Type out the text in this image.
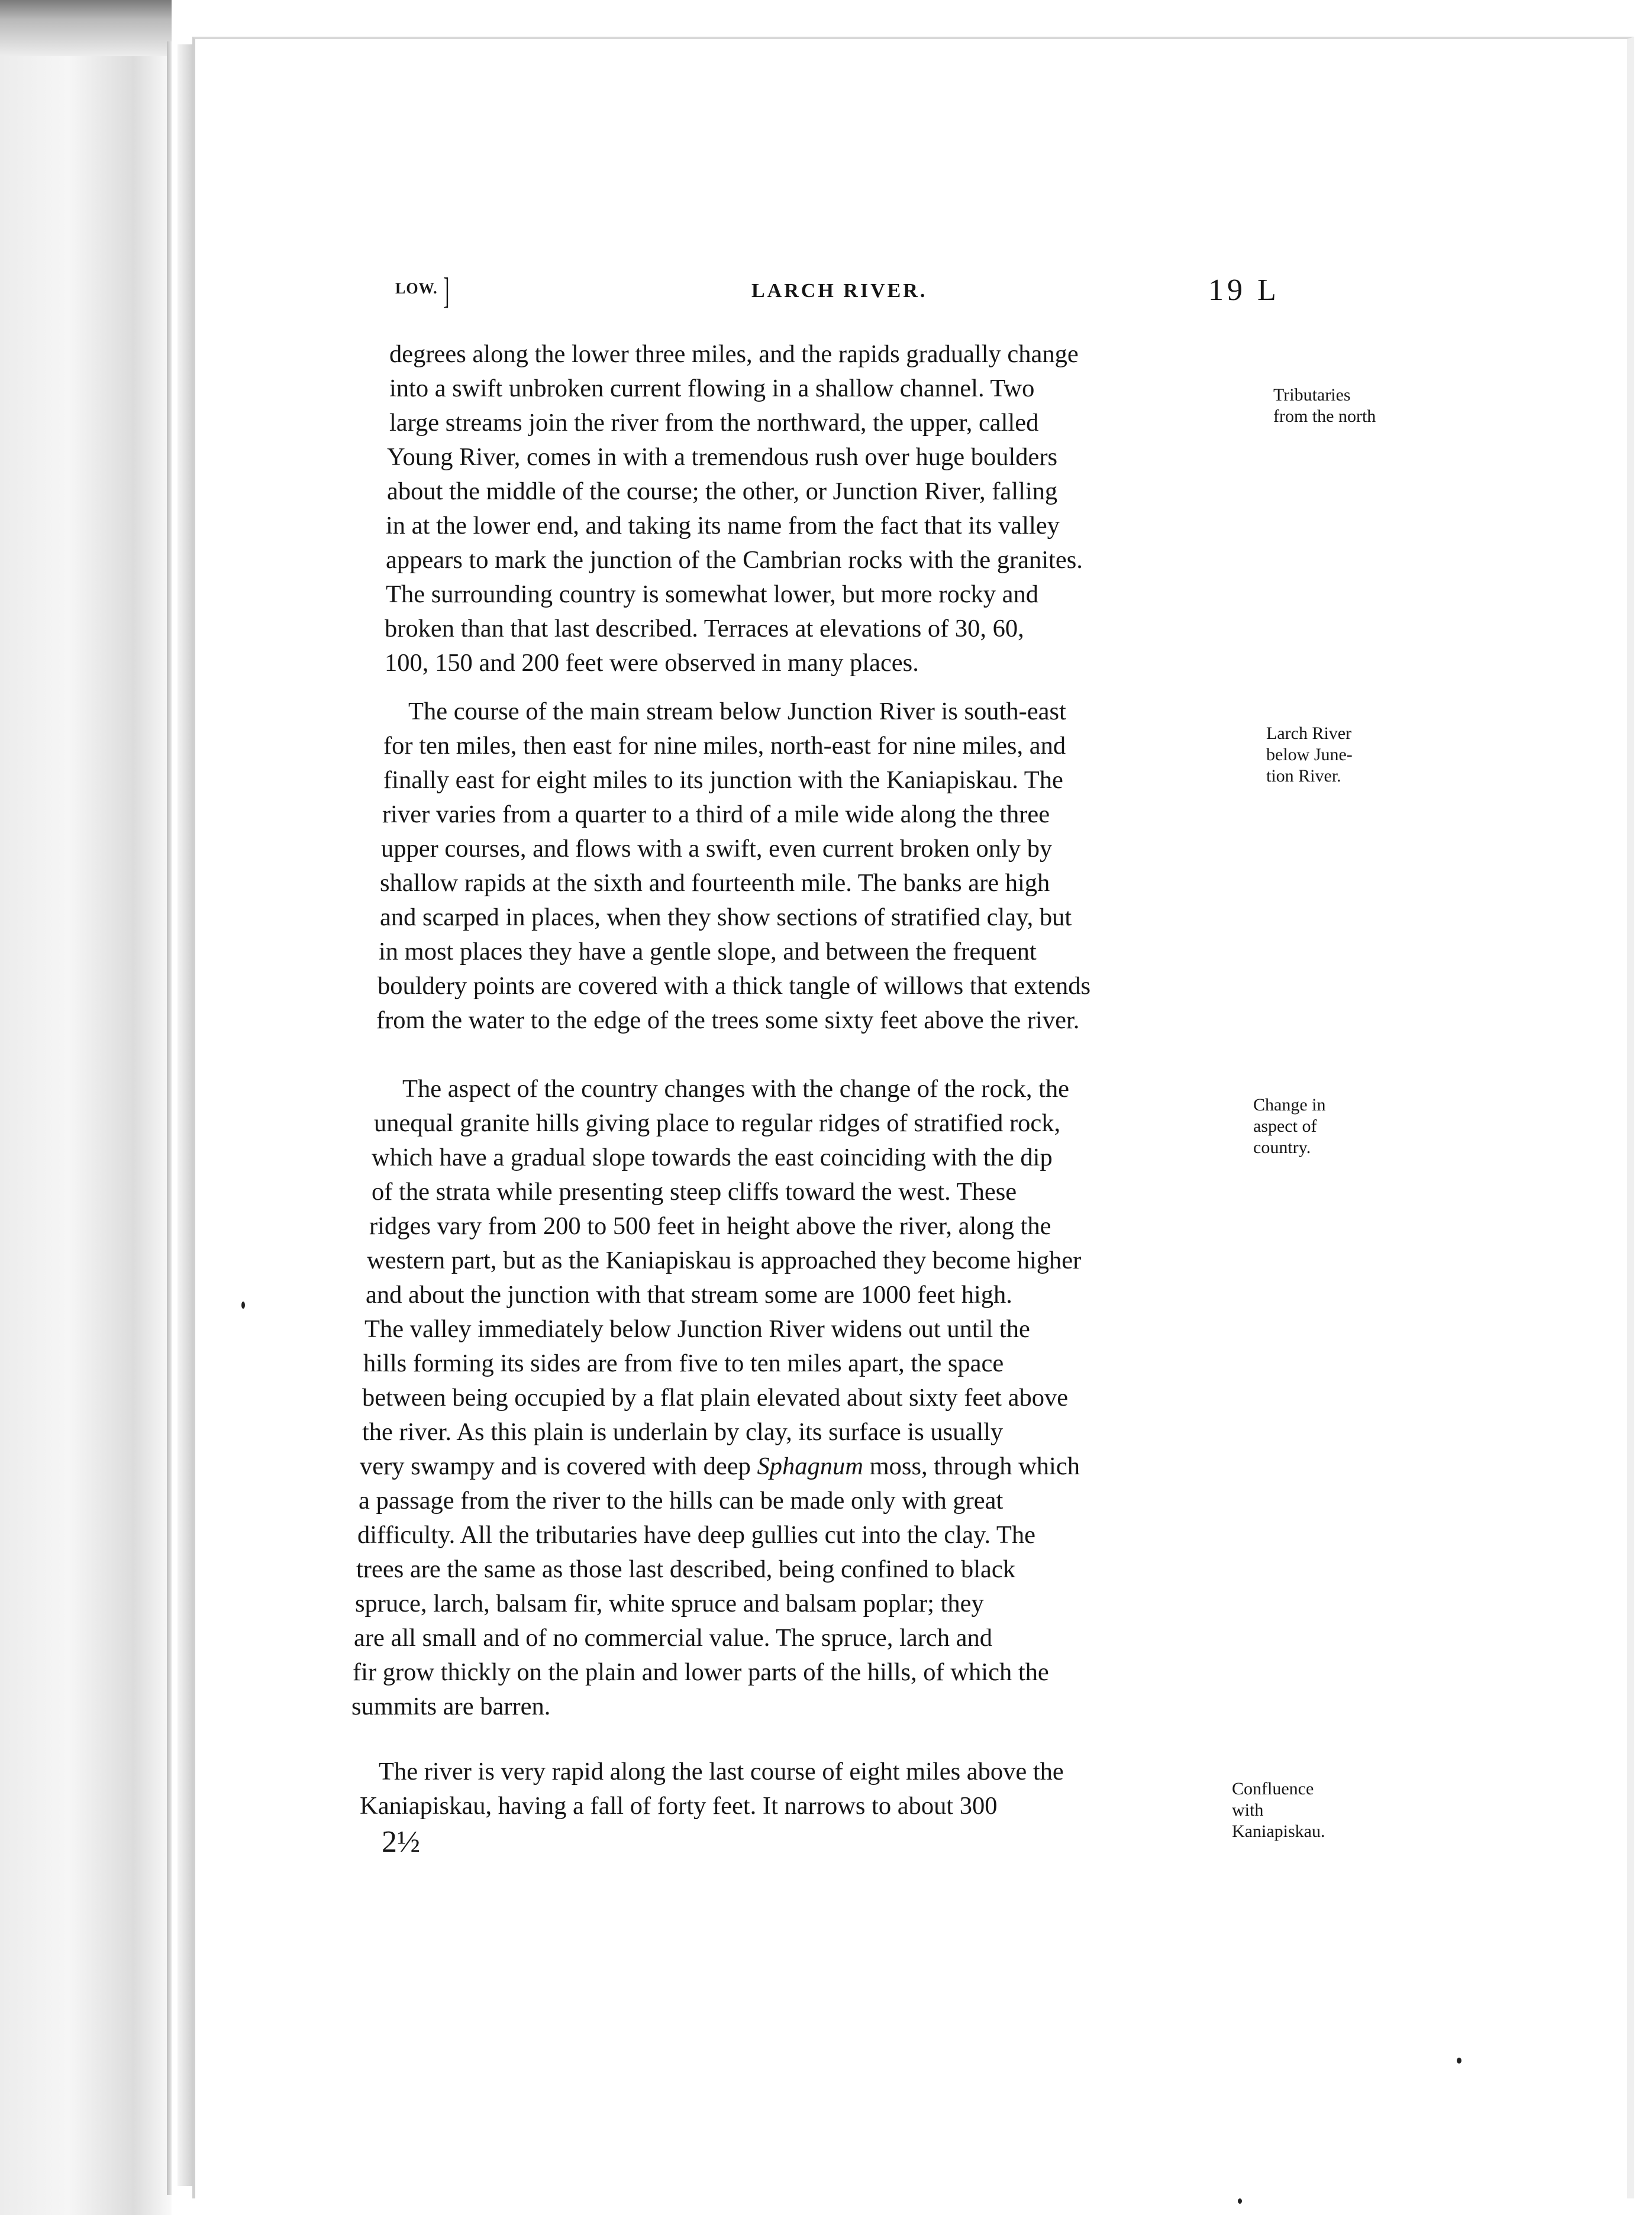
LOW. ]	LARCH RIVER.	19 L
degrees along the lower three miles, and the rapids gradually change
into a swift unbroken current flowing in a shallow channel. Two
large streams join the river from the northward, the upper, called
Young River, comes in with a tremendous rush over huge boulders
about the middle of the course; the other, or Junction River, falling
in at the lower end, and taking its name from the fact that its valley
appears to mark the junction of the Cambrian rocks with the granites.
The surrounding country is somewhat lower, but more rocky and
broken than that last described. Terraces at elevations of 30, 60,
100, 150 and 200 feet were observed in many places.
The course of the main stream below Junction River is south-east
for ten miles, then east for nine miles, north-east for nine miles, and
finally east for eight miles to its junction with the Kaniapiskau. The
river varies from a quarter to a third of a mile wide along the three
upper courses, and flows with a swift, even current broken only by
shallow rapids at the sixth and fourteenth mile. The banks are high
and scarped in places, when they show sections of stratified clay, but
in most places they have a gentle slope, and between the frequent
bouldery points are covered with a thick tangle of willows that extends
from the water to the edge of the trees some sixty feet above the river.
The aspect of the country changes with the change of the rock, the
unequal granite hills giving place to regular ridges of stratified rock,
which have a gradual slope towards the east coinciding with the dip
of the strata while presenting steep cliffs toward the west. These
ridges vary from 200 to 500 feet in height above the river, along the
western part, but as the Kaniapiskau is approached they become higher
and about the junction with that stream some are 1000 feet high.
The valley immediately below Junction River widens out until the
hills forming its sides are from five to ten miles apart, the space
between being occupied by a flat plain elevated about sixty feet above
the river. As this plain is underlain by clay, its surface is usually
very swampy and is covered with deep Sphagnum moss, through which
a passage from the river to the hills can be made only with great
difficulty. All the tributaries have deep gullies cut into the clay. The
trees are the same as those last described, being confined to black
spruce, larch, balsam fir, white spruce and balsam poplar; they
are all small and of no commercial value. The spruce, larch and
fir grow thickly on the plain and lower parts of the hills, of which the
summits are barren.
The river is very rapid along the last course of eight miles above the
Kaniapiskau, having a fall of forty feet. It narrows to about 300
2½
Tributaries
from the north
Larch River
below June-
tion River.
Change in
aspect of
country.
Confluence
with
Kaniapiskau.
